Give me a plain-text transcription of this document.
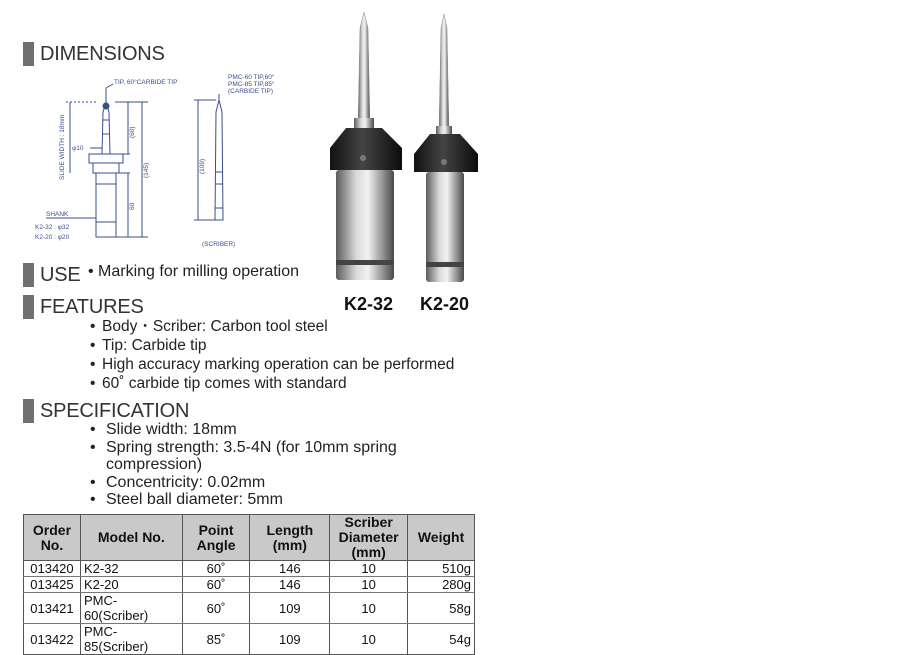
DIMENSIONS
TIP, 60°CARBIDE TIP
PMC-60 TIP,60°
PMC-85 TIP,85°
(CARBIDE TIP)
SLIDE WIDTH : 18mm φ10
(60)
(145)
60
(109)
SHANK
K2-32 : φ32
K2-20 : φ20
(SCRIBER)
K2-32 K2-20
USE • Marking for milling operation
FEATURES
• Body・Scriber: Carbon tool steel
• Tip: Carbide tip
• High accuracy marking operation can be performed
• 60˚ carbide tip comes with standard
SPECIFICATION
• Slide width: 18mm
• Spring strength: 3.5-4N (for 10mm spring compression)
• Concentricity: 0.02mm
• Steel ball diameter: 5mm
Order No.	Model No.	Point Angle	Length (mm)	Scriber Diameter (mm)	Weight
013420	K2-32	60˚	146	10	510g
013425	K2-20	60˚	146	10	280g
013421	PMC-60(Scriber)	60˚	109	10	58g
013422	PMC-85(Scriber)	85˚	109	10	54g
